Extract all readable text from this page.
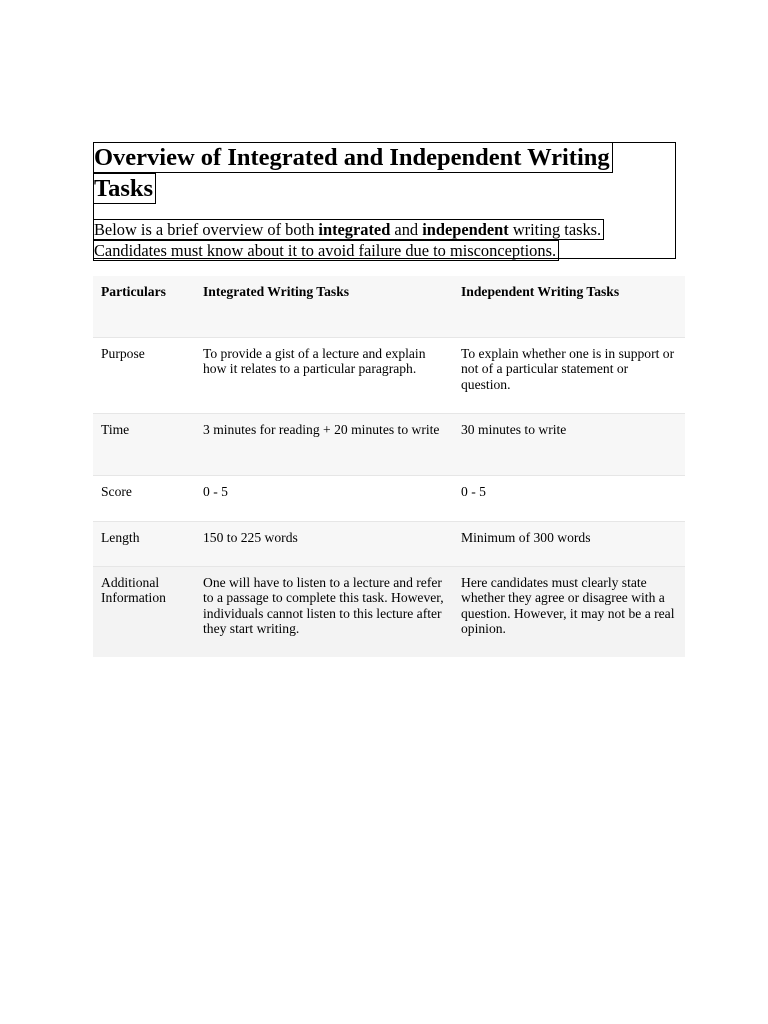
Overview of Integrated and Independent Writing
Tasks

Below is a brief overview of both integrated and independent writing tasks.
Candidates must know about it to avoid failure due to misconceptions.

Particulars	Integrated Writing Tasks	Independent Writing Tasks
Purpose	To provide a gist of a lecture and explain how it relates to a particular paragraph.	To explain whether one is in support or not of a particular statement or question.
Time	3 minutes for reading + 20 minutes to write	30 minutes to write
Score	0 - 5	0 - 5
Length	150 to 225 words	Minimum of 300 words
Additional Information	One will have to listen to a lecture and refer to a passage to complete this task. However, individuals cannot listen to this lecture after they start writing.	Here candidates must clearly state whether they agree or disagree with a question. However, it may not be a real opinion.
